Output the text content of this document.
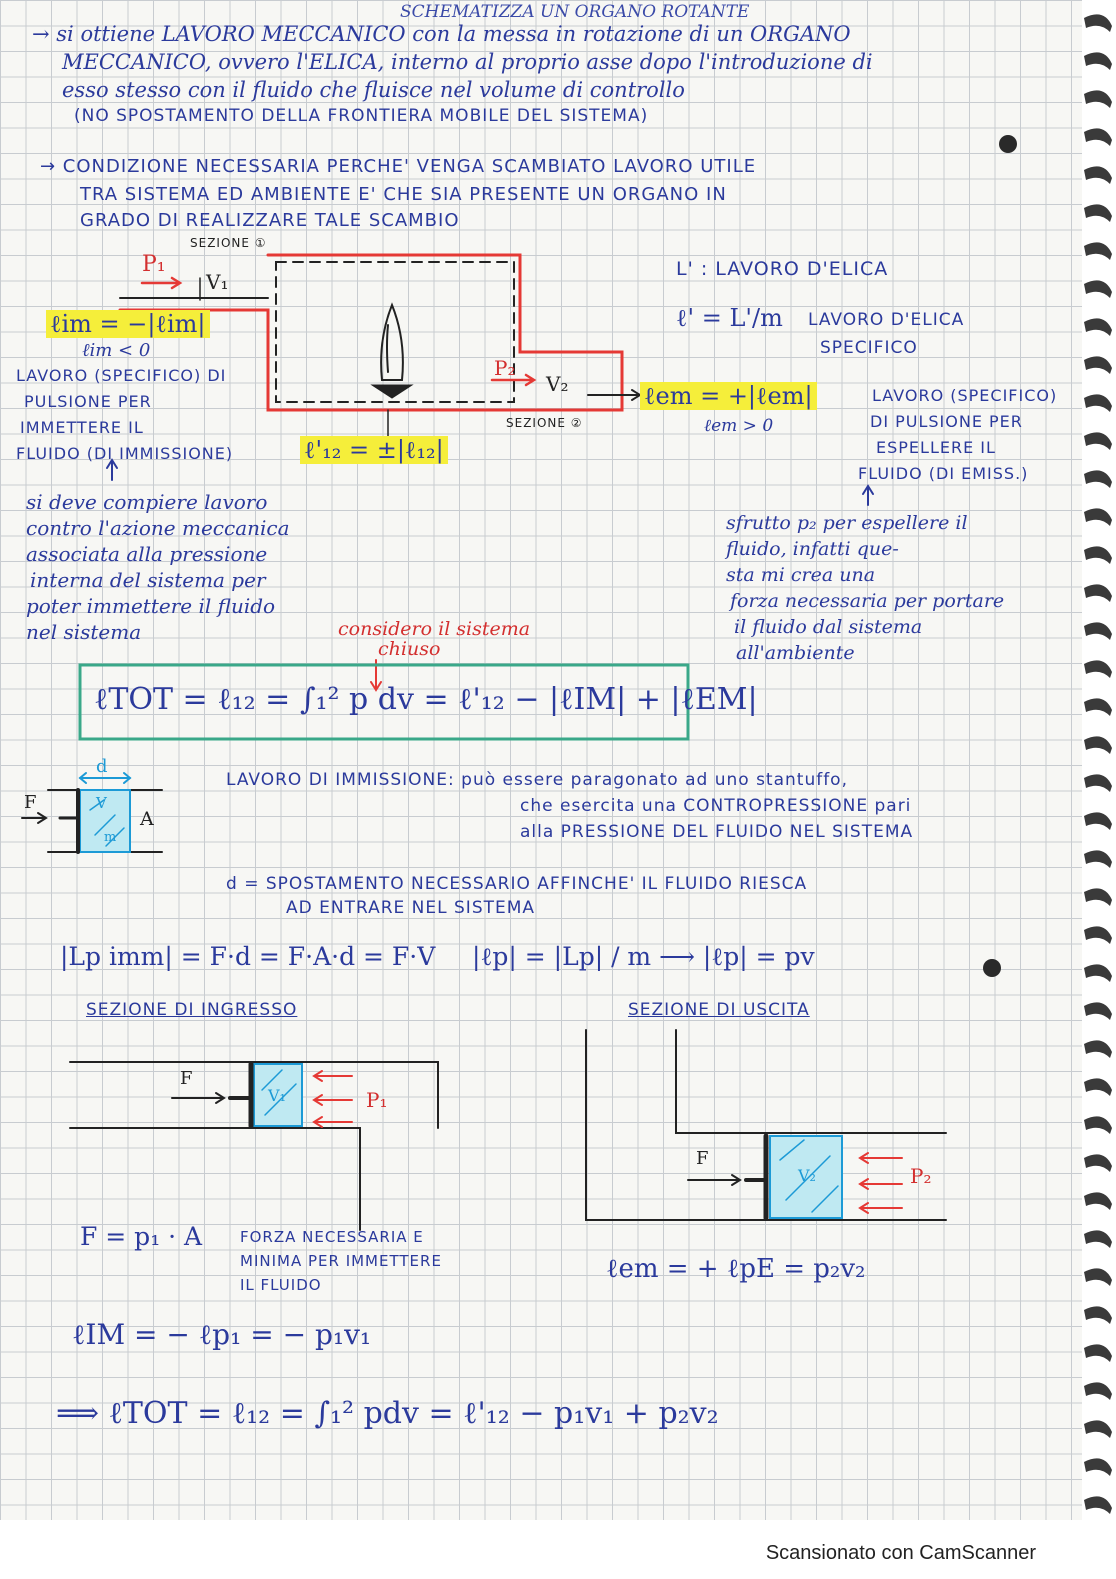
SCHEMATIZZA UN ORGANO ROTANTE
→ si ottiene LAVORO MECCANICO con la messa in rotazione di un ORGANO
MECCANICO, ovvero l'ELICA, interno al proprio asse dopo l'introduzione di
esso stesso con il fluido che fluisce nel volume di controllo
(NO SPOSTAMENTO DELLA FRONTIERA MOBILE DEL SISTEMA)
→ CONDIZIONE NECESSARIA PERCHE' VENGA SCAMBIATO LAVORO UTILE
TRA SISTEMA ED AMBIENTE E' CHE SIA PRESENTE UN ORGANO IN
GRADO DI REALIZZARE TALE SCAMBIO
SEZIONE ①
P₁
V₁
P₂
V₂
SEZIONE ②
ℓim = −|ℓim|
ℓim < 0
ℓem = +|ℓem|
ℓem > 0
ℓ'₁₂ = ±|ℓ₁₂|
LAVORO (SPECIFICO) DI
PULSIONE PER
IMMETTERE IL
FLUIDO (DI IMMISSIONE)
LAVORO (SPECIFICO)
DI PULSIONE PER
ESPELLERE IL
FLUIDO (DI EMISS.)
L' : LAVORO D'ELICA
ℓ' = L'/m LAVORO D'ELICA
SPECIFICO
si deve compiere lavoro
contro l'azione meccanica
associata alla pressione
interna del sistema per
poter immettere il fluido
nel sistema
sfrutto p₂ per espellere il
fluido, infatti que-
sta mi crea una
forza necessaria per portare
il fluido dal sistema
all'ambiente
considero il sistema
chiuso
ℓTOT = ℓ₁₂ = ∫₁² p dv = ℓ'₁₂ − |ℓIM| + |ℓEM|
d
F	V
m
A
LAVORO DI IMMISSIONE: può essere paragonato ad uno stantuffo,
che esercita una CONTROPRESSIONE pari
alla PRESSIONE DEL FLUIDO NEL SISTEMA
d = SPOSTAMENTO NECESSARIO AFFINCHE' IL FLUIDO RIESCA
AD ENTRARE NEL SISTEMA
|Lp imm| = F·d = F·A·d = F·V |ℓp| = |Lp| / m ⟶ |ℓp| = pv
SEZIONE DI INGRESSO	SEZIONE DI USCITA
F
V₁	P₁
F
V₂	P₂
F = p₁ · A	FORZA NECESSARIA E
MINIMA PER IMMETTERE
IL FLUIDO
ℓem = + ℓpE = p₂v₂
ℓIM = − ℓp₁ = − p₁v₁
⟹ ℓTOT = ℓ₁₂ = ∫₁² pdv = ℓ'₁₂ − p₁v₁ + p₂v₂
Scansionato con CamScanner
